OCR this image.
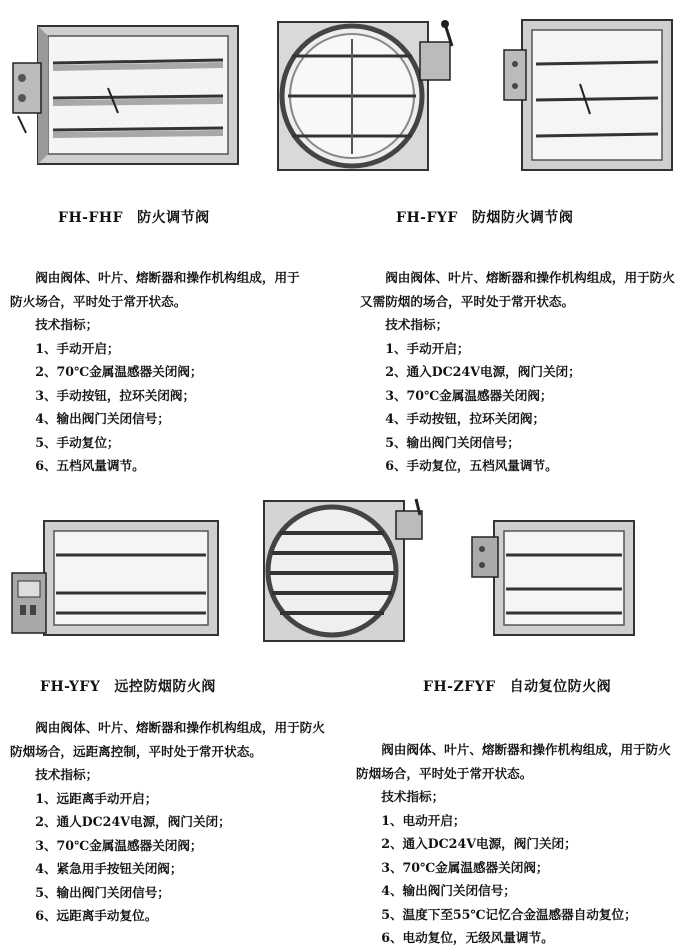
FH-FHF 防火调节阀	FH-FYF 防烟防火调节阀
FH-YFY 远控防烟防火阀	FH-ZFYF 自动复位防火阀

阀由阀体、叶片、熔断器和操作机构组成，用于防火场合，平时处于常开状态。

技术指标；
1、手动开启；
2、70℃金属温感器关闭阀；
3、手动按钮，拉环关闭阀；
4、输出阀门关闭信号；
5、手动复位；
6、五档风量调节。

阀由阀体、叶片、熔断器和操作机构组成，用于防火又需防烟的场合，平时处于常开状态。

技术指标；
1、手动开启；
2、通入DC24V电源，阀门关闭；
3、70℃金属温感器关闭阀；
4、手动按钮，拉环关闭阀；
5、输出阀门关闭信号；
6、手动复位，五档风量调节。

阀由阀体、叶片、熔断器和操作机构组成，用于防火防烟场合，远距离控制，平时处于常开状态。

技术指标；
1、远距离手动开启；
2、通人DC24V电源，阀门关闭；
3、70℃金属温感器关闭阀；
4、紧急用手按钮关闭阀；
5、输出阀门关闭信号；
6、远距离手动复位。

阀由阀体、叶片、熔断器和操作机构组成，用于防火防烟场合，平时处于常开状态。

技术指标；
1、电动开启；
2、通入DC24V电源，阀门关闭；
3、70℃金属温感器关闭阀；
4、输出阀门关闭信号；
5、温度下至55℃记忆合金温感器自动复位；
6、电动复位，无级风量调节。
